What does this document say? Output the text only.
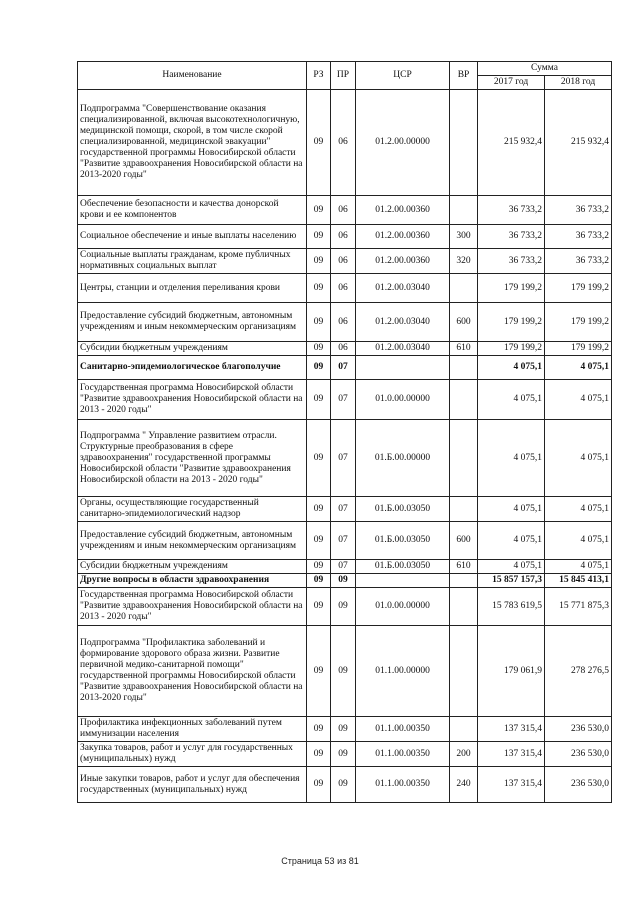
Наименование	РЗ	ПР	ЦСР	ВР	Сумма	
					2017 год	2018 год
Подпрограмма "Совершенствование оказания специализированной, включая высокотехнологичную, медицинской помощи, скорой, в том числе скорой специализированной, медицинской эвакуации" государственной программы Новосибирской области "Развитие здравоохранения Новосибирской области на 2013-2020 годы"	09	06	01.2.00.00000		215 932,4	215 932,4
Обеспечение безопасности и качества донорской крови и ее компонентов	09	06	01.2.00.00360		36 733,2	36 733,2
Социальное обеспечение и иные выплаты населению	09	06	01.2.00.00360	300	36 733,2	36 733,2
Социальные выплаты гражданам, кроме публичных нормативных социальных выплат	09	06	01.2.00.00360	320	36 733,2	36 733,2
Центры, станции и отделения переливания крови	09	06	01.2.00.03040		179 199,2	179 199,2
Предоставление субсидий бюджетным, автономным учреждениям и иным некоммерческим организациям	09	06	01.2.00.03040	600	179 199,2	179 199,2
Субсидии бюджетным учреждениям	09	06	01.2.00.03040	610	179 199,2	179 199,2
Санитарно-эпидемиологическое благополучие	09	07			4 075,1	4 075,1
Государственная программа Новосибирской области "Развитие здравоохранения Новосибирской области на 2013 - 2020 годы"	09	07	01.0.00.00000		4 075,1	4 075,1
Подпрограмма " Управление развитием отрасли. Структурные преобразования в сфере здравоохранения" государственной программы Новосибирской области "Развитие здравоохранения Новосибирской области на 2013 - 2020 годы"	09	07	01.Б.00.00000		4 075,1	4 075,1
Органы, осуществляющие государственный санитарно-эпидемиологический надзор	09	07	01.Б.00.03050		4 075,1	4 075,1
Предоставление субсидий бюджетным, автономным учреждениям и иным некоммерческим организациям	09	07	01.Б.00.03050	600	4 075,1	4 075,1
Субсидии бюджетным учреждениям	09	07	01.Б.00.03050	610	4 075,1	4 075,1
Другие вопросы в области здравоохранения	09	09			15 857 157,3	15 845 413,1
Государственная программа Новосибирской области "Развитие здравоохранения Новосибирской области на 2013 - 2020 годы"	09	09	01.0.00.00000		15 783 619,5	15 771 875,3
Подпрограмма "Профилактика заболеваний и формирование здорового образа жизни. Развитие первичной медико-санитарной помощи" государственной программы Новосибирской области "Развитие здравоохранения Новосибирской области на 2013-2020 годы"	09	09	01.1.00.00000		179 061,9	278 276,5
Профилактика инфекционных заболеваний путем иммунизации населения	09	09	01.1.00.00350		137 315,4	236 530,0
Закупка товаров, работ и услуг для государственных (муниципальных) нужд	09	09	01.1.00.00350	200	137 315,4	236 530,0
Иные закупки товаров, работ и услуг для обеспечения государственных (муниципальных) нужд	09	09	01.1.00.00350	240	137 315,4	236 530,0
Страница 53 из 81
